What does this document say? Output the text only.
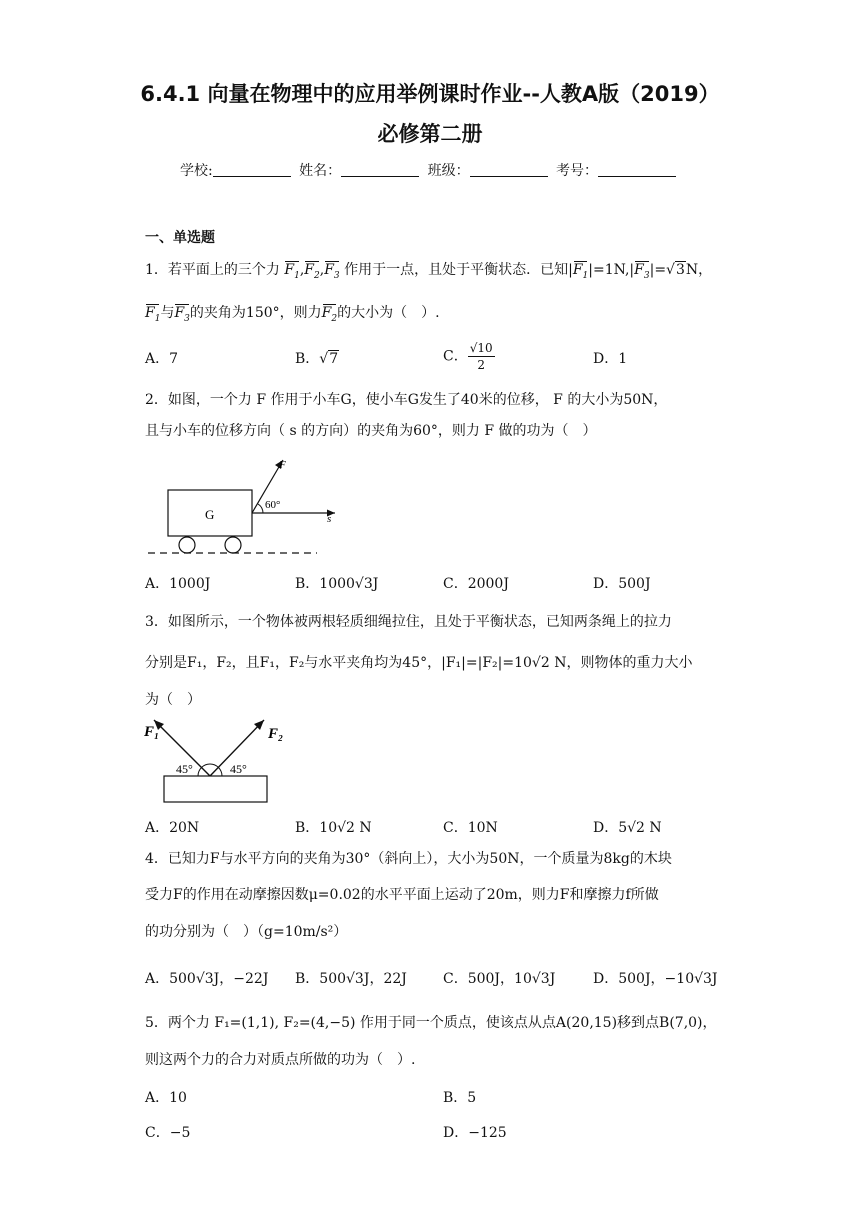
6.4.1 向量在物理中的应用举例课时作业--人教A版（2019）
必修第二册
学校:	姓名：	班级：	考号：
一、单选题
1．若平面上的三个力 $F_1,F_2,F_3$ 作用于一点，且处于平衡状态．已知$|F_1|=1N,|F_3|=√3N$，
$F_1$与$F_3$的夹角为150°，则力$F_2$的大小为（　）.
A．7	B．√7	C． $\frac{√10}{2}$	D．1
2．如图，一个力 F 作用于小车G，使小车G发生了40米的位移， F 的大小为50N，
且与小车的位移方向（ s 的方向）的夹角为60°，则力 F 做的功为（　）
G
60°
F
s
A．1000J	B．1000√3J	C．2000J	D．500J
3．如图所示，一个物体被两根轻质细绳拉住，且处于平衡状态，已知两条绳上的拉力
分别是F₁，F₂，且F₁，F₂与水平夹角均为45°，|F₁|=|F₂|=10√2 N，则物体的重力大小
为（　）
F₁	F₂
45°	45°
A．20N	B．10√2 N	C．10N	D．5√2 N
4．已知力F与水平方向的夹角为30°（斜向上），大小为50N，一个质量为8kg的木块
受力F的作用在动摩擦因数μ=0.02的水平平面上运动了20m，则力F和摩擦力f所做
的功分别为（　）（g=10m/s²）
A．500√3J，−22J B．500√3J，22J	C．500J，10√3J	D．500J，−10√3J
5．两个力 F₁=(1,1), F₂=(4,−5) 作用于同一个质点，使该点从点A(20,15)移到点B(7,0)，
则这两个力的合力对质点所做的功为（　）.
A．10	B．5
C．−5	D．−125
